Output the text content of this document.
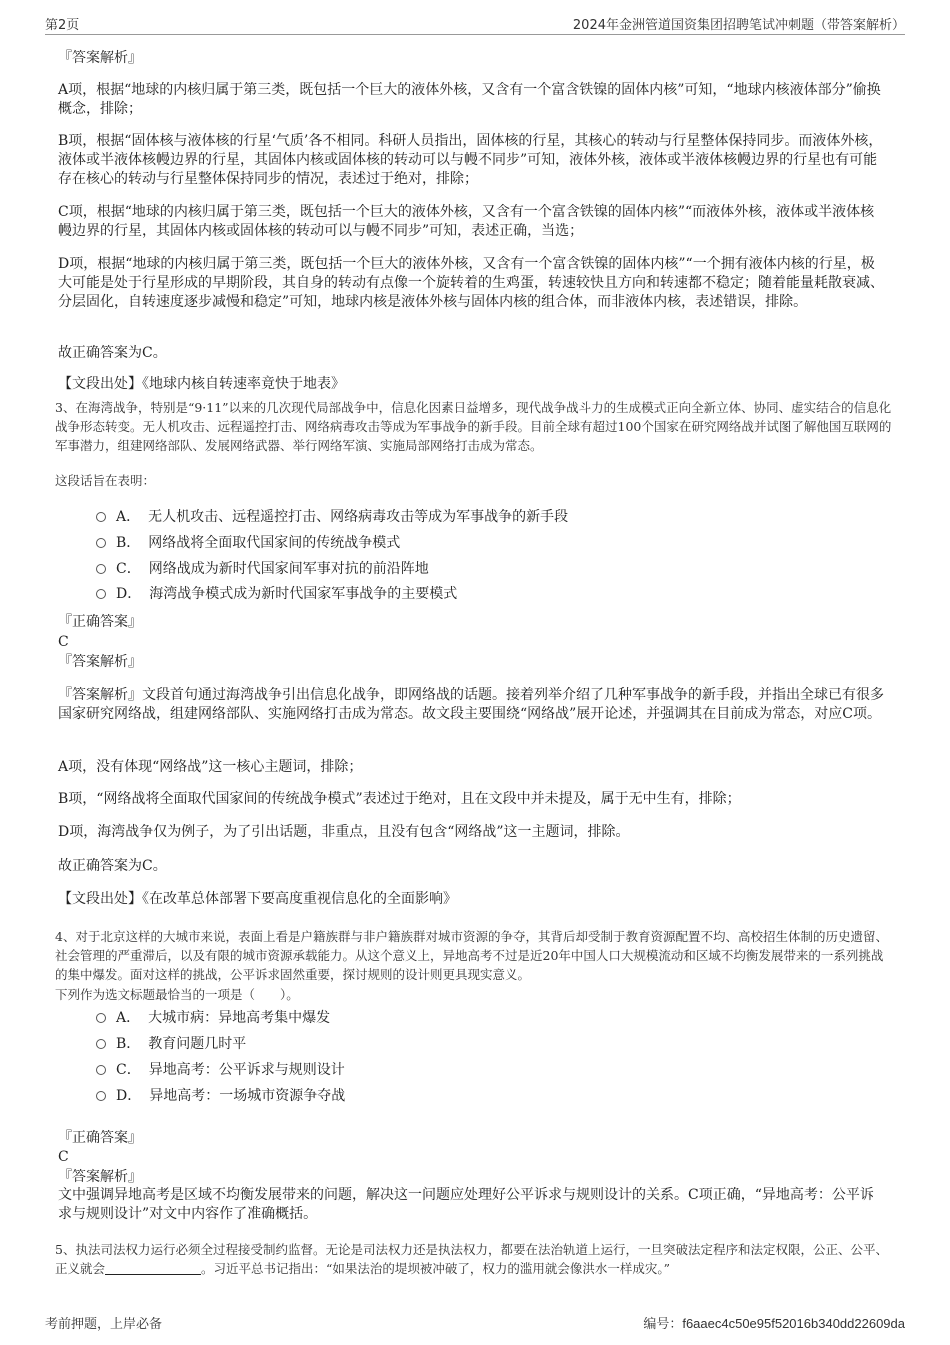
第2页	2024年金洲管道国资集团招聘笔试冲刺题（带答案解析）
『答案解析』
A项，根据“地球的内核归属于第三类，既包括一个巨大的液体外核，又含有一个富含铁镍的固体内核”可知，“地球内核液体部分”偷换概念，排除；
B项，根据“固体核与液体核的行星‘气质’各不相同。科研人员指出，固体核的行星，其核心的转动与行星整体保持同步。而液体外核，液体或半液体核幔边界的行星，其固体内核或固体核的转动可以与幔不同步”可知，液体外核，液体或半液体核幔边界的行星也有可能存在核心的转动与行星整体保持同步的情况，表述过于绝对，排除；
C项，根据“地球的内核归属于第三类，既包括一个巨大的液体外核，又含有一个富含铁镍的固体内核”“而液体外核，液体或半液体核幔边界的行星，其固体内核或固体核的转动可以与幔不同步”可知，表述正确，当选；
D项，根据“地球的内核归属于第三类，既包括一个巨大的液体外核，又含有一个富含铁镍的固体内核”“一个拥有液体内核的行星，极大可能是处于行星形成的早期阶段，其自身的转动有点像一个旋转着的生鸡蛋，转速较快且方向和转速都不稳定；随着能量耗散衰减、分层固化，自转速度逐步减慢和稳定”可知，地球内核是液体外核与固体内核的组合体，而非液体内核，表述错误，排除。
故正确答案为C。
【文段出处】《地球内核自转速率竟快于地表》
3、在海湾战争，特别是“9·11”以来的几次现代局部战争中，信息化因素日益增多，现代战争战斗力的生成模式正向全新立体、协同、虚实结合的信息化战争形态转变。无人机攻击、远程遥控打击、网络病毒攻击等成为军事战争的新手段。目前全球有超过100个国家在研究网络战并试图了解他国互联网的军事潜力，组建网络部队、发展网络武器、举行网络军演、实施局部网络打击成为常态。
这段话旨在表明：
A． 无人机攻击、远程遥控打击、网络病毒攻击等成为军事战争的新手段
B． 网络战将全面取代国家间的传统战争模式
C． 网络战成为新时代国家间军事对抗的前沿阵地
D． 海湾战争模式成为新时代国家军事战争的主要模式
『正确答案』
C
『答案解析』
『答案解析』文段首句通过海湾战争引出信息化战争，即网络战的话题。接着列举介绍了几种军事战争的新手段，并指出全球已有很多国家研究网络战，组建网络部队、实施网络打击成为常态。故文段主要围绕“网络战”展开论述，并强调其在目前成为常态，对应C项。
A项，没有体现“网络战”这一核心主题词，排除；
B项，“网络战将全面取代国家间的传统战争模式”表述过于绝对，且在文段中并未提及，属于无中生有，排除；
D项，海湾战争仅为例子，为了引出话题，非重点，且没有包含“网络战”这一主题词，排除。
故正确答案为C。
【文段出处】《在改革总体部署下要高度重视信息化的全面影响》
4、对于北京这样的大城市来说，表面上看是户籍族群与非户籍族群对城市资源的争夺，其背后却受制于教育资源配置不均、高校招生体制的历史遗留、社会管理的严重滞后，以及有限的城市资源承载能力。从这个意义上，异地高考不过是近20年中国人口大规模流动和区域不均衡发展带来的一系列挑战的集中爆发。面对这样的挑战，公平诉求固然重要，探讨规则的设计则更具现实意义。
下列作为选文标题最恰当的一项是（　　）。
A． 大城市病：异地高考集中爆发
B． 教育问题几时平
C． 异地高考：公平诉求与规则设计
D． 异地高考：一场城市资源争夺战
『正确答案』
C
『答案解析』
文中强调异地高考是区域不均衡发展带来的问题，解决这一问题应处理好公平诉求与规则设计的关系。C项正确，“异地高考：公平诉求与规则设计”对文中内容作了准确概括。
5、执法司法权力运行必须全过程接受制约监督。无论是司法权力还是执法权力，都要在法治轨道上运行，一旦突破法定程序和法定权限，公正、公平、正义就会	。习近平总书记指出：“如果法治的堤坝被冲破了，权力的滥用就会像洪水一样成灾。”
考前押题，上岸必备	编号：f6aaec4c50e95f52016b340dd22609da
